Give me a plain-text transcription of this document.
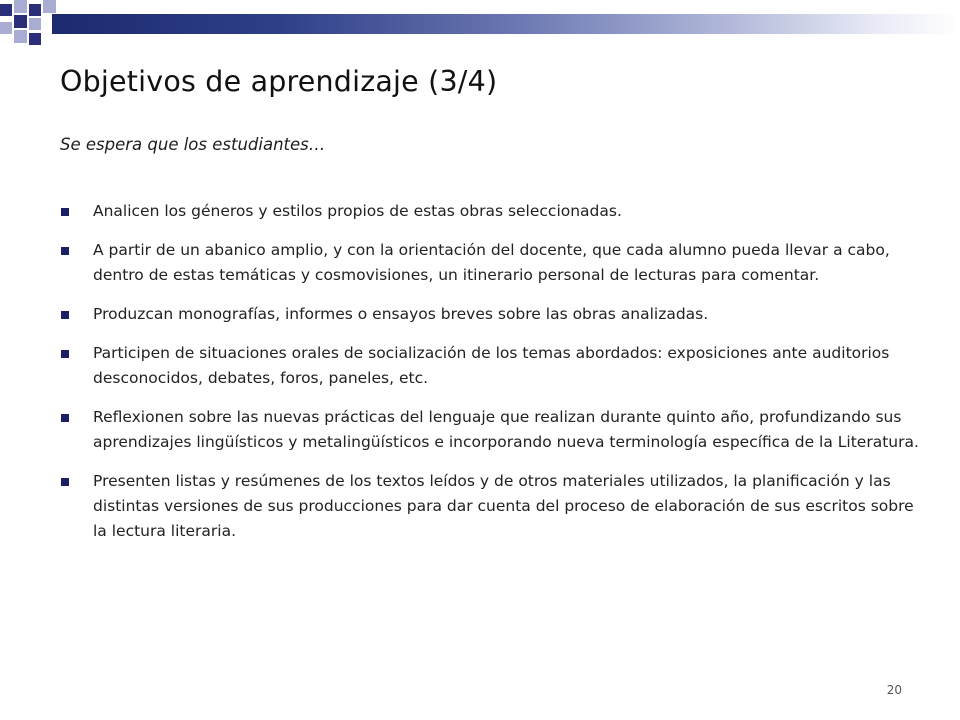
Objetivos de aprendizaje (3/4)

Se espera que los estudiantes…

Analicen los géneros y estilos propios de estas obras seleccionadas.
A partir de un abanico amplio, y con la orientación del docente, que cada alumno pueda llevar a cabo, dentro de estas temáticas y cosmovisiones, un itinerario personal de lecturas para comentar.
Produzcan monografías, informes o ensayos breves sobre las obras analizadas.
Participen de situaciones orales de socialización de los temas abordados: exposiciones ante auditorios desconocidos, debates, foros, paneles, etc.
Reflexionen sobre las nuevas prácticas del lenguaje que realizan durante quinto año, profundizando sus aprendizajes lingüísticos y metalingüísticos e incorporando nueva terminología específica de la Literatura.
Presenten listas y resúmenes de los textos leídos y de otros materiales utilizados, la planificación y las distintas versiones de sus producciones para dar cuenta del proceso de elaboración de sus escritos sobre la lectura literaria.
20
